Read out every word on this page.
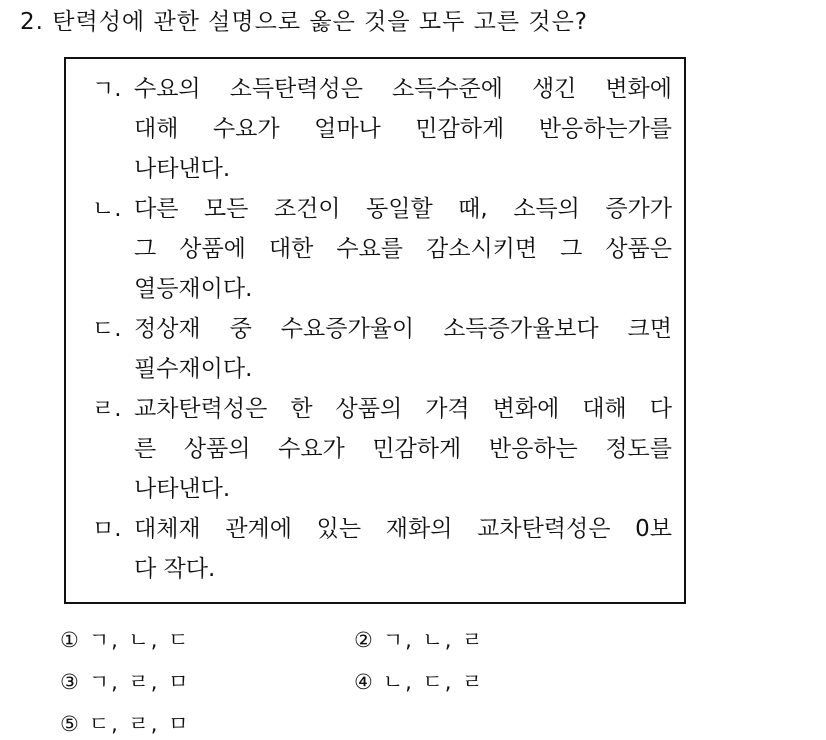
2. 탄력성에 관한 설명으로 옳은 것을 모두 고른 것은?
ㄱ. 수요의 소득탄력성은 소득수준에 생긴 변화에
대해 수요가 얼마나 민감하게 반응하는가를
나타낸다.
ㄴ. 다른 모든 조건이 동일할 때, 소득의 증가가
그 상품에 대한 수요를 감소시키면 그 상품은
열등재이다.
ㄷ. 정상재 중 수요증가율이 소득증가율보다 크면
필수재이다.
ㄹ. 교차탄력성은 한 상품의 가격 변화에 대해 다
른 상품의 수요가 민감하게 반응하는 정도를
나타낸다.
ㅁ. 대체재 관계에 있는 재화의 교차탄력성은 0보
다 작다.
① ㄱ, ㄴ, ㄷ	② ㄱ, ㄴ, ㄹ
③ ㄱ, ㄹ, ㅁ	④ ㄴ, ㄷ, ㄹ
⑤ ㄷ, ㄹ, ㅁ
